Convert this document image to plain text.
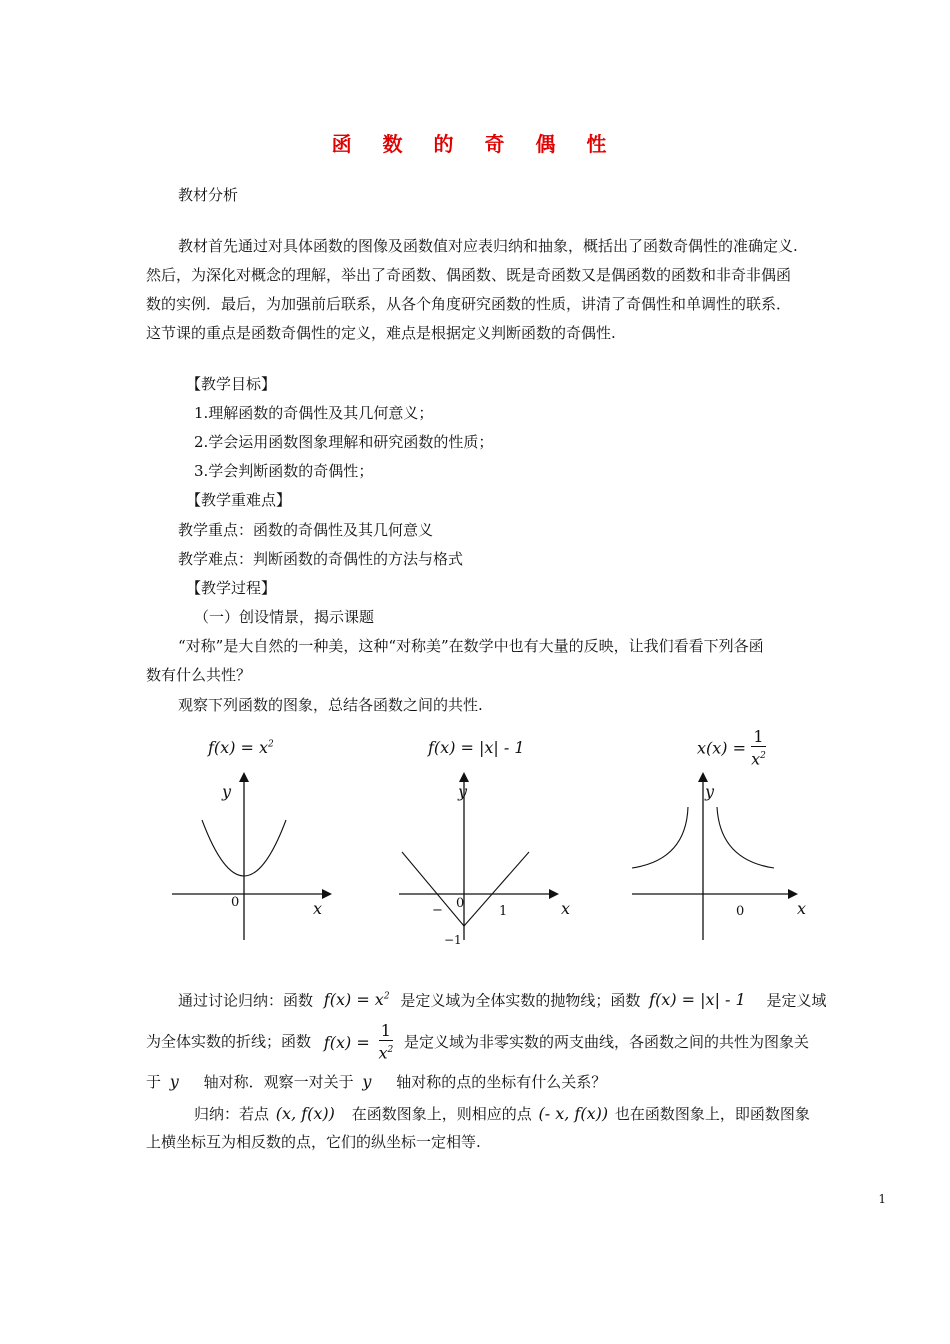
函 数 的 奇 偶 性
教材分析
教材首先通过对具体函数的图像及函数值对应表归纳和抽象，概括出了函数奇偶性的准确定义.
然后，为深化对概念的理解，举出了奇函数、偶函数、既是奇函数又是偶函数的函数和非奇非偶函
数的实例．最后，为加强前后联系，从各个角度研究函数的性质，讲清了奇偶性和单调性的联系．
这节课的重点是函数奇偶性的定义，难点是根据定义判断函数的奇偶性.
【教学目标】
1.理解函数的奇偶性及其几何意义；
2.学会运用函数图象理解和研究函数的性质；
3.学会判断函数的奇偶性；
【教学重难点】
教学重点：函数的奇偶性及其几何意义
教学难点：判断函数的奇偶性的方法与格式
【教学过程】
（一）创设情景，揭示课题
“对称”是大自然的一种美，这种“对称美”在数学中也有大量的反映，让我们看看下列各函
数有什么共性？
观察下列函数的图象，总结各函数之间的共性.
$f(x) = x^2$	f(x) = |x| - 1	$x(x) = \frac{1}{x^2}$
y
x
y
x
y
x
0	0
−	1
−1
0
通过讨论归纳：函数 $f(x) = x^2$ 是定义域为全体实数的抛物线；函数 f(x) = |x| - 1 是定义域
为全体实数的折线；函数 $f(x) = \frac{1}{x^2}$ 是定义域为非零实数的两支曲线，各函数之间的共性为图象关
于 y 轴对称．观察一对关于 y 轴对称的点的坐标有什么关系？
归纳：若点 (x, f(x)) 在函数图象上，则相应的点 (- x, f(x)) 也在函数图象上，即函数图象
上横坐标互为相反数的点，它们的纵坐标一定相等.
1
